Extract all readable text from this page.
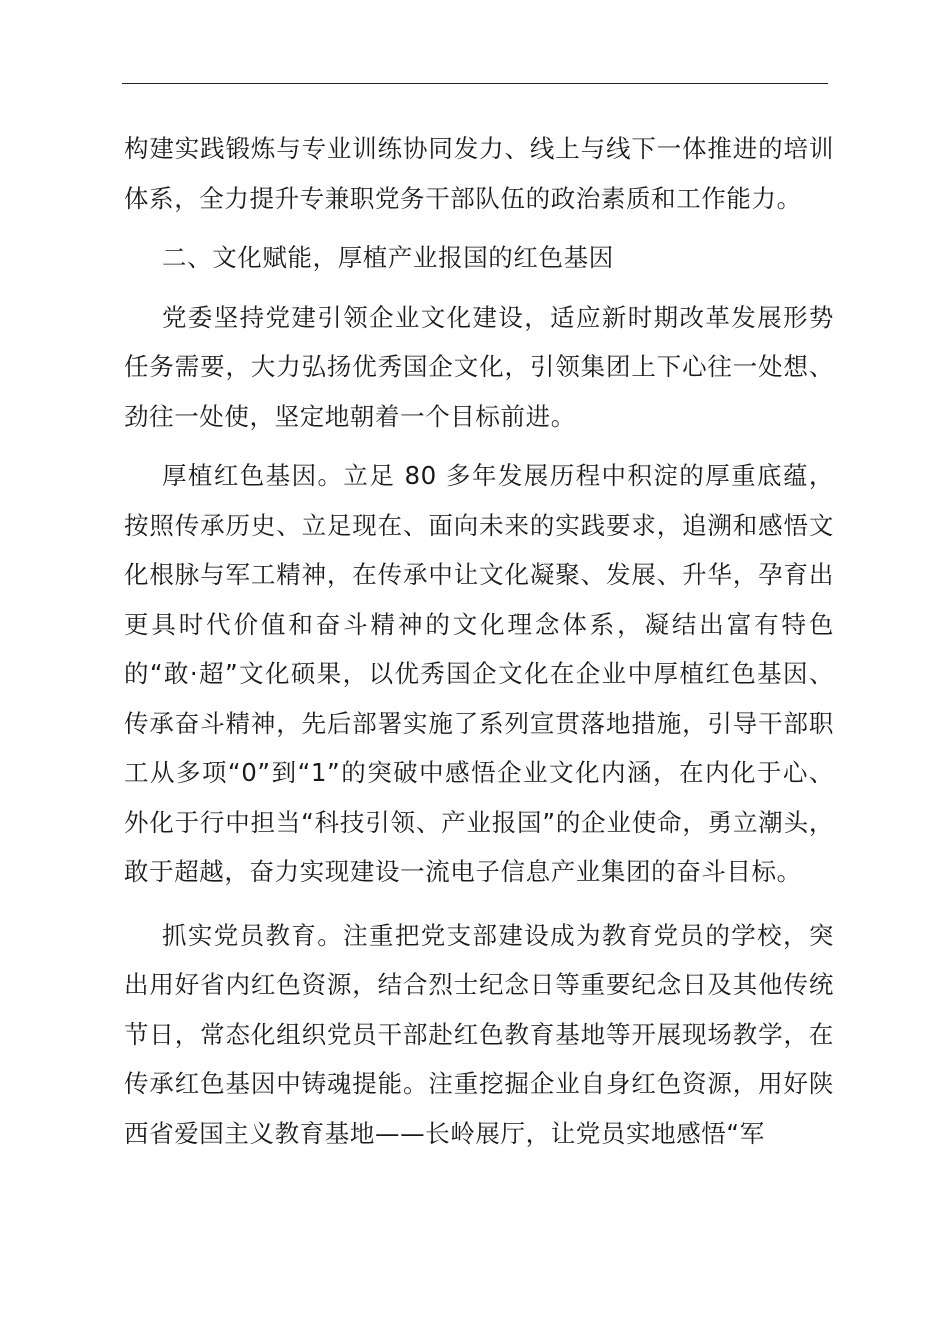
构建实践锻炼与专业训练协同发力、线上与线下一体推进的培训体系，全力提升专兼职党务干部队伍的政治素质和工作能力。

二、文化赋能，厚植产业报国的红色基因

党委坚持党建引领企业文化建设，适应新时期改革发展形势任务需要，大力弘扬优秀国企文化，引领集团上下心往一处想、劲往一处使，坚定地朝着一个目标前进。

厚植红色基因。立足 80 多年发展历程中积淀的厚重底蕴，按照传承历史、立足现在、面向未来的实践要求，追溯和感悟文化根脉与军工精神，在传承中让文化凝聚、发展、升华，孕育出更具时代价值和奋斗精神的文化理念体系，凝结出富有特色的“敢·超”文化硕果，以优秀国企文化在企业中厚植红色基因、传承奋斗精神，先后部署实施了系列宣贯落地措施，引导干部职工从多项“0”到“1”的突破中感悟企业文化内涵，在内化于心、外化于行中担当“科技引领、产业报国”的企业使命，勇立潮头，敢于超越，奋力实现建设一流电子信息产业集团的奋斗目标。

抓实党员教育。注重把党支部建设成为教育党员的学校，突出用好省内红色资源，结合烈士纪念日等重要纪念日及其他传统节日，常态化组织党员干部赴红色教育基地等开展现场教学，在传承红色基因中铸魂提能。注重挖掘企业自身红色资源，用好陕西省爱国主义教育基地——长岭展厅，让党员实地感悟“军
